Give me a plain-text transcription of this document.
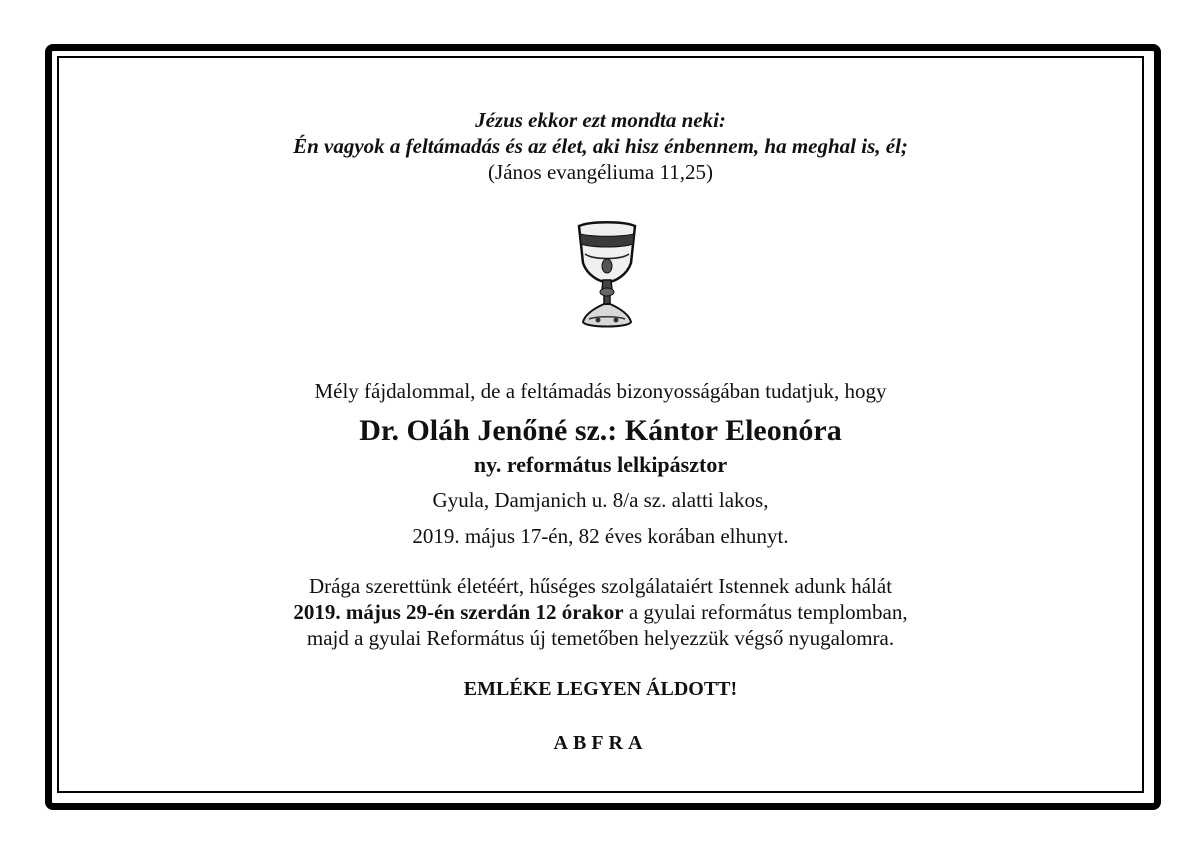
Jézus ekkor ezt mondta neki:
Én vagyok a feltámadás és az élet, aki hisz énbennem, ha meghal is, él;
(János evangéliuma 11,25)
Mély fájdalommal, de a feltámadás bizonyosságában tudatjuk, hogy
Dr. Oláh Jenőné sz.: Kántor Eleonóra
ny. református lelkipásztor
Gyula, Damjanich u. 8/a sz. alatti lakos,
2019. május 17-én, 82 éves korában elhunyt.
Drága szerettünk életéért, hűséges szolgálataiért Istennek adunk hálát
2019. május 29-én szerdán 12 órakor a gyulai református templomban,
majd a gyulai Református új temetőben helyezzük végső nyugalomra.
EMLÉKE LEGYEN ÁLDOTT!
ABFRA
